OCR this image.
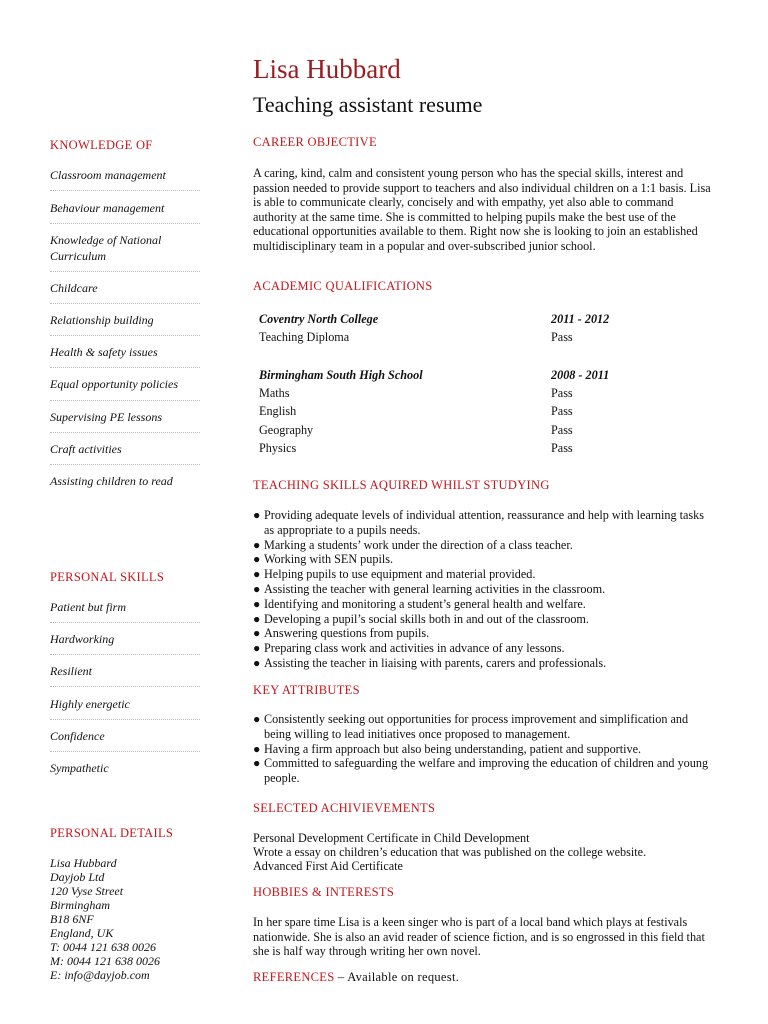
Lisa Hubbard
Teaching assistant resume
KNOWLEDGE OF
Classroom management
Behaviour management
Knowledge of National Curriculum
Childcare
Relationship building
Health & safety issues
Equal opportunity policies
Supervising PE lessons
Craft activities
Assisting children to read
PERSONAL SKILLS
Patient but firm
Hardworking
Resilient
Highly energetic
Confidence
Sympathetic
PERSONAL DETAILS
Lisa Hubbard
Dayjob Ltd
120 Vyse Street
Birmingham
B18 6NF
England, UK
T: 0044 121 638 0026
M: 0044 121 638 0026
E: info@dayjob.com
CAREER OBJECTIVE
A caring, kind, calm and consistent young person who has the special skills, interest and passion needed to provide support to teachers and also individual children on a 1:1 basis. Lisa is able to communicate clearly, concisely and with empathy, yet also able to command authority at the same time. She is committed to helping pupils make the best use of the educational opportunities available to them. Right now she is looking to join an established multidisciplinary team in a popular and over-subscribed junior school.
ACADEMIC QUALIFICATIONS
Coventry North College	2011 - 2012
Teaching Diploma	Pass
Birmingham South High School	2008 - 2011
Maths	Pass
English	Pass
Geography	Pass
Physics	Pass
TEACHING SKILLS AQUIRED WHILST STUDYING
● Providing adequate levels of individual attention, reassurance and help with learning tasks as appropriate to a pupils needs.
● Marking a students’ work under the direction of a class teacher.
● Working with SEN pupils.
● Helping pupils to use equipment and material provided.
● Assisting the teacher with general learning activities in the classroom.
● Identifying and monitoring a student’s general health and welfare.
● Developing a pupil’s social skills both in and out of the classroom.
● Answering questions from pupils.
● Preparing class work and activities in advance of any lessons.
● Assisting the teacher in liaising with parents, carers and professionals.
KEY ATTRIBUTES
● Consistently seeking out opportunities for process improvement and simplification and being willing to lead initiatives once proposed to management.
● Having a firm approach but also being understanding, patient and supportive.
● Committed to safeguarding the welfare and improving the education of children and young people.
SELECTED ACHIVIEVEMENTS
Personal Development Certificate in Child Development
Wrote a essay on children’s education that was published on the college website.
Advanced First Aid Certificate
HOBBIES & INTERESTS
In her spare time Lisa is a keen singer who is part of a local band which plays at festivals nationwide. She is also an avid reader of science fiction, and is so engrossed in this field that she is half way through writing her own novel.
REFERENCES – Available on request.
